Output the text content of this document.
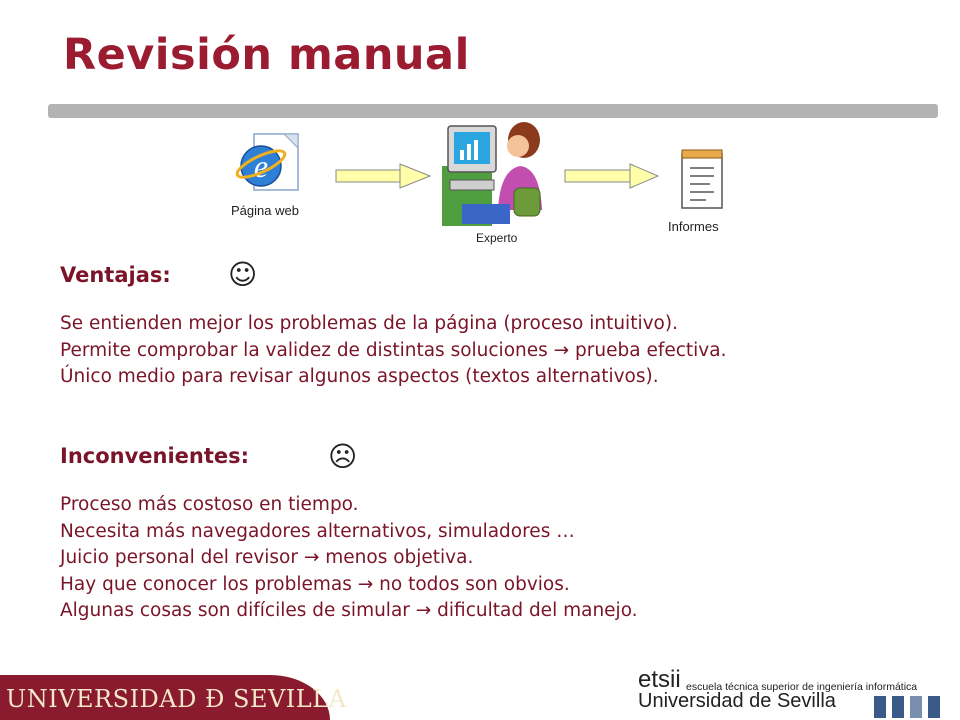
Revisión manual
e
Página web
Experto
Informes
Ventajas: ☺
Se entienden mejor los problemas de la página (proceso intuitivo).
Permite comprobar la validez de distintas soluciones → prueba efectiva.
Único medio para revisar algunos aspectos (textos alternativos).
Inconvenientes:	☹
Proceso más costoso en tiempo.
Necesita más navegadores alternativos, simuladores …
Juicio personal del revisor → menos objetiva.
Hay que conocer los problemas → no todos son obvios.
Algunas cosas son difíciles de simular → dificultad del manejo.
UNIVERSIDAD Ð SEVILLA
etsii escuela técnica superior de ingeniería informática
Universidad de Sevilla
